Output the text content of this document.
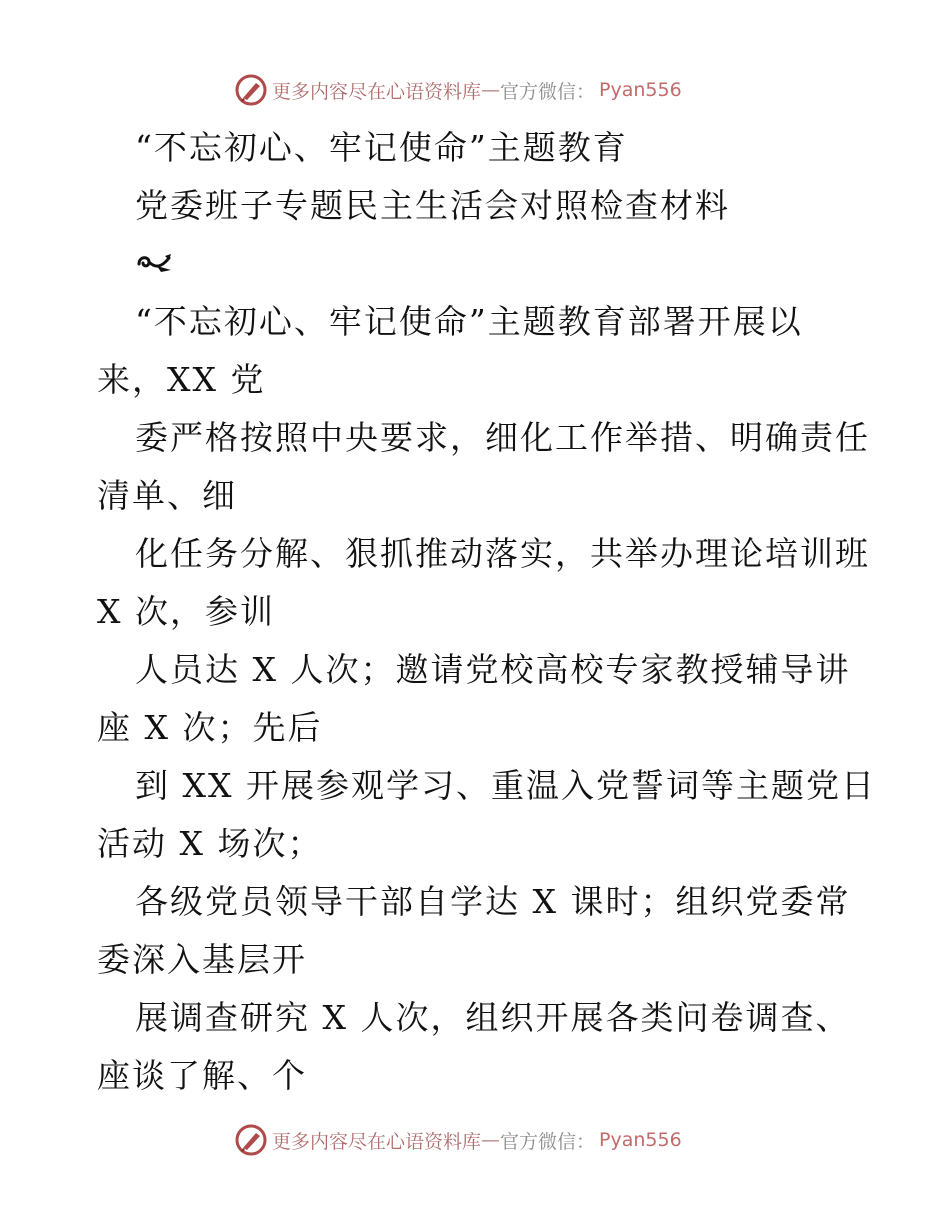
更多内容尽在心语资料库 — 官方微信： Pyan556
“不忘初心、牢记使命”主题教育
党委班子专题民主生活会对照检查材料
“不忘初心、牢记使命”主题教育部署开展以
来，XX 党
委严格按照中央要求，细化工作举措、明确责任
清单、细
化任务分解、狠抓推动落实，共举办理论培训班
X 次，参训
人员达 X 人次；邀请党校高校专家教授辅导讲
座 X 次；先后
到 XX 开展参观学习、重温入党誓词等主题党日
活动 X 场次；
各级党员领导干部自学达 X 课时；组织党委常
委深入基层开
展调查研究 X 人次，组织开展各类问卷调查、
座谈了解、个
更多内容尽在心语资料库 — 官方微信： Pyan556
